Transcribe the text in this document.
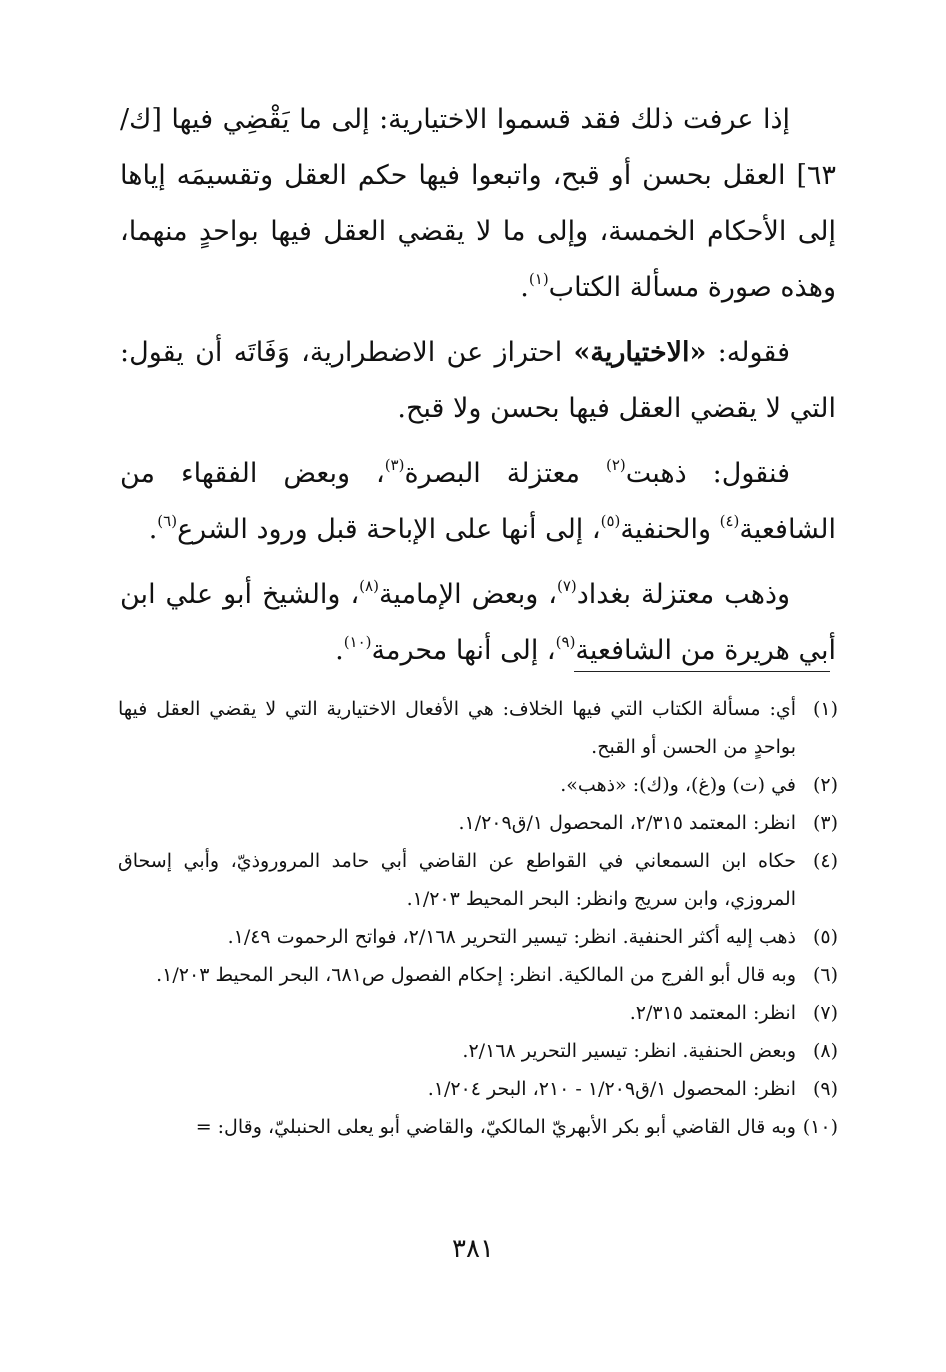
إذا عرفت ذلك فقد قسموا الاختيارية: إلى ما يَقْضِي فيها [ك/٦٣] العقل بحسن أو قبح، واتبعوا فيها حكم العقل وتقسيمَه إياها إلى الأحكام الخمسة، وإلى ما لا يقضي العقل فيها بواحدٍ منهما، وهذه صورة مسألة الكتاب$^{(١)}$.

فقوله: «الاختيارية» احتراز عن الاضطرارية، وَفَاتَه أن يقول: التي لا يقضي العقل فيها بحسن ولا قبح.

فنقول: ذهبت$^{(٢)}$ معتزلة البصرة$^{(٣)}$، وبعض الفقهاء من الشافعية$^{(٤)}$ والحنفية$^{(٥)}$، إلى أنها على الإباحة قبل ورود الشرع$^{(٦)}$.

وذهب معتزلة بغداد$^{(٧)}$، وبعض الإمامية$^{(٨)}$، والشيخ أبو علي ابن أبي هريرة من الشافعية$^{(٩)}$، إلى أنها محرمة$^{(١٠)}$.

(١)
أي: مسألة الكتاب التي فيها الخلاف: هي الأفعال الاختيارية التي لا يقضي العقل فيها بواحدٍ من الحسن أو القبح.
(٢)
في (ت) و(غ)، و(ك): «ذهب».
(٣)
انظر: المعتمد ٢/٣١٥، المحصول ١/ق١/٢٠٩.
(٤)
حكاه ابن السمعاني في القواطع عن القاضي أبي حامد المروروذيّ، وأبي إسحاق المروزي، وابن سريج وانظر: البحر المحيط ١/٢٠٣.
(٥)
ذهب إليه أكثر الحنفية. انظر: تيسير التحرير ٢/١٦٨، فواتح الرحموت ١/٤٩.
(٦)
وبه قال أبو الفرج من المالكية. انظر: إحكام الفصول ص٦٨١، البحر المحيط ١/٢٠٣.
(٧)
انظر: المعتمد ٢/٣١٥.
(٨)
وبعض الحنفية. انظر: تيسير التحرير ٢/١٦٨.
(٩)
انظر: المحصول ١/ق١/٢٠٩ - ٢١٠، البحر ١/٢٠٤.
(١٠)
وبه قال القاضي أبو بكر الأبهريّ المالكيّ، والقاضي أبو يعلى الحنبليّ، وقال: =
٣٨١
